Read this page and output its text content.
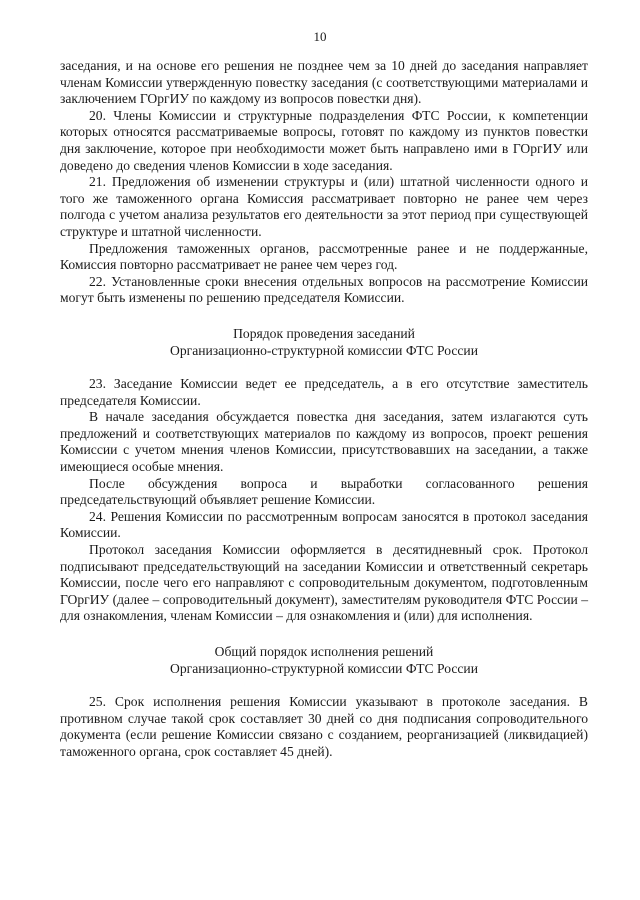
10

заседания, и на основе его решения не позднее чем за 10 дней до заседания направляет членам Комиссии утвержденную повестку заседания (с соответствующими материалами и заключением ГОргИУ по каждому из вопросов повестки дня).

20. Члены Комиссии и структурные подразделения ФТС России, к компетенции которых относятся рассматриваемые вопросы, готовят по каждому из пунктов повестки дня заключение, которое при необходимости может быть направлено ими в ГОргИУ или доведено до сведения членов Комиссии в ходе заседания.

21. Предложения об изменении структуры и (или) штатной численности одного и того же таможенного органа Комиссия рассматривает повторно не ранее чем через полгода с учетом анализа результатов его деятельности за этот период при существующей структуре и штатной численности.

Предложения таможенных органов, рассмотренные ранее и не поддержанные, Комиссия повторно рассматривает не ранее чем через год.

22. Установленные сроки внесения отдельных вопросов на рассмотрение Комиссии могут быть изменены по решению председателя Комиссии.

Порядок проведения заседаний

Организационно-структурной комиссии ФТС России

23. Заседание Комиссии ведет ее председатель, а в его отсутствие заместитель председателя Комиссии.

В начале заседания обсуждается повестка дня заседания, затем излагаются суть предложений и соответствующих материалов по каждому из вопросов, проект решения Комиссии с учетом мнения членов Комиссии, присутствовавших на заседании, а также имеющиеся особые мнения.

После обсуждения вопроса и выработки согласованного решения председательствующий объявляет решение Комиссии.

24. Решения Комиссии по рассмотренным вопросам заносятся в протокол заседания Комиссии.

Протокол заседания Комиссии оформляется в десятидневный срок. Протокол подписывают председательствующий на заседании Комиссии и ответственный секретарь Комиссии, после чего его направляют с сопроводительным документом, подготовленным ГОргИУ (далее – сопроводительный документ), заместителям руководителя ФТС России – для ознакомления, членам Комиссии – для ознакомления и (или) для исполнения.

Общий порядок исполнения решений

Организационно-структурной комиссии ФТС России

25. Срок исполнения решения Комиссии указывают в протоколе заседания. В противном случае такой срок составляет 30 дней со дня подписания сопроводительного документа (если решение Комиссии связано с созданием, реорганизацией (ликвидацией) таможенного органа, срок составляет 45 дней).
